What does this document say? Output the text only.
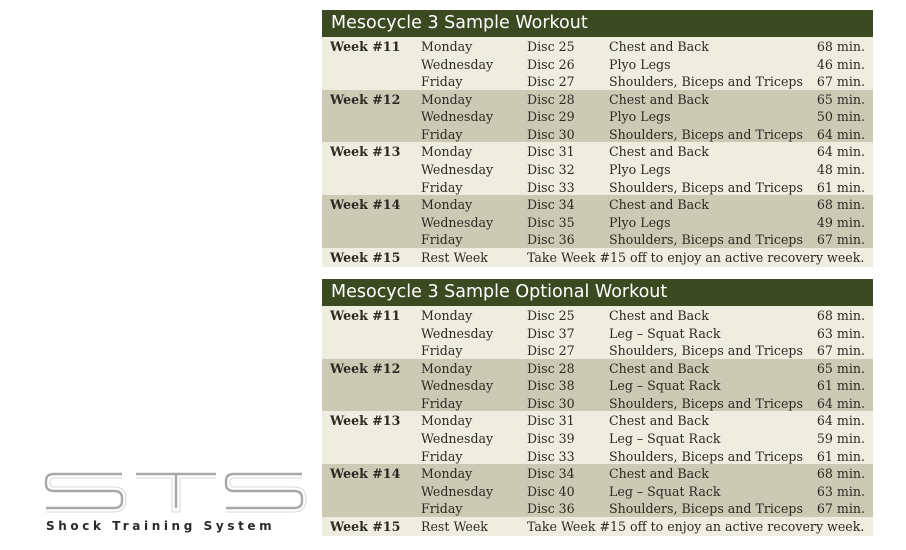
Mesocycle 3 Sample Workout
Week #11 Monday	Disc 25	Chest and Back	68 min.
Wednesday	Disc 26	Plyo Legs	46 min.
Friday	Disc 27	Shoulders, Biceps and Triceps 67 min.
Week #12 Monday	Disc 28	Chest and Back	65 min.
Wednesday	Disc 29	Plyo Legs	50 min.
Friday	Disc 30	Shoulders, Biceps and Triceps 64 min.
Week #13 Monday	Disc 31	Chest and Back	64 min.
Wednesday	Disc 32	Plyo Legs	48 min.
Friday	Disc 33	Shoulders, Biceps and Triceps 61 min.
Week #14 Monday	Disc 34	Chest and Back	68 min.
Wednesday	Disc 35	Plyo Legs	49 min.
Friday	Disc 36	Shoulders, Biceps and Triceps 67 min.
Week #15 Rest Week	Take Week #15 off to enjoy an active recovery week.
Mesocycle 3 Sample Optional Workout
Week #11 Monday	Disc 25	Chest and Back	68 min.
Wednesday	Disc 37	Leg – Squat Rack	63 min.
Friday	Disc 27	Shoulders, Biceps and Triceps 67 min.
Week #12 Monday	Disc 28	Chest and Back	65 min.
Wednesday	Disc 38	Leg – Squat Rack	61 min.
Friday	Disc 30	Shoulders, Biceps and Triceps 64 min.
Week #13 Monday	Disc 31	Chest and Back	64 min.
Wednesday	Disc 39	Leg – Squat Rack	59 min.
Friday	Disc 33	Shoulders, Biceps and Triceps 61 min.
Week #14 Monday	Disc 34	Chest and Back	68 min.
Wednesday	Disc 40	Leg – Squat Rack	63 min.
Friday	Disc 36	Shoulders, Biceps and Triceps 67 min.
Week #15 Rest Week	Take Week #15 off to enjoy an active recovery week.
Shock Training System
